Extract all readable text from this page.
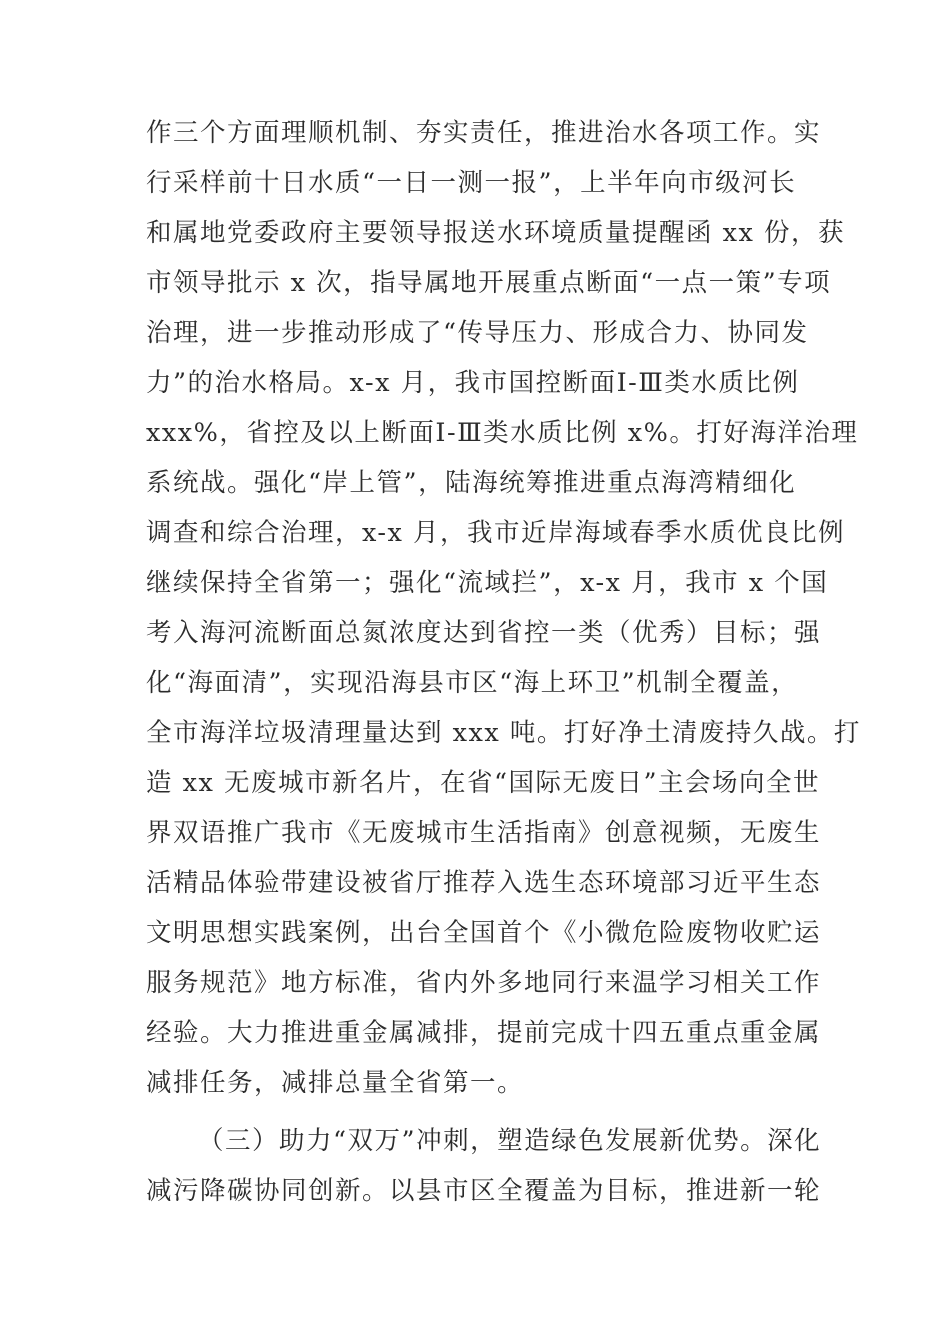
作三个方面理顺机制、夯实责任，推进治水各项工作。实
行采样前十日水质“一日一测一报”，上半年向市级河长
和属地党委政府主要领导报送水环境质量提醒函 xx 份，获
市领导批示 x 次，指导属地开展重点断面“一点一策”专项
治理，进一步推动形成了“传导压力、形成合力、协同发
力”的治水格局。x-x 月，我市国控断面Ⅰ-Ⅲ类水质比例
xxx%，省控及以上断面Ⅰ-Ⅲ类水质比例 x%。打好海洋治理
系统战。强化“岸上管”，陆海统筹推进重点海湾精细化
调查和综合治理，x-x 月，我市近岸海域春季水质优良比例
继续保持全省第一；强化“流域拦”，x-x 月，我市 x 个国
考入海河流断面总氮浓度达到省控一类（优秀）目标；强
化“海面清”，实现沿海县市区“海上环卫”机制全覆盖，
全市海洋垃圾清理量达到 xxx 吨。打好净土清废持久战。打
造 xx 无废城市新名片，在省“国际无废日”主会场向全世
界双语推广我市《无废城市生活指南》创意视频，无废生
活精品体验带建设被省厅推荐入选生态环境部习近平生态
文明思想实践案例，出台全国首个《小微危险废物收贮运
服务规范》地方标准，省内外多地同行来温学习相关工作
经验。大力推进重金属减排，提前完成十四五重点重金属
减排任务，减排总量全省第一。
（三）助力“双万”冲刺，塑造绿色发展新优势。深化
减污降碳协同创新。以县市区全覆盖为目标，推进新一轮
